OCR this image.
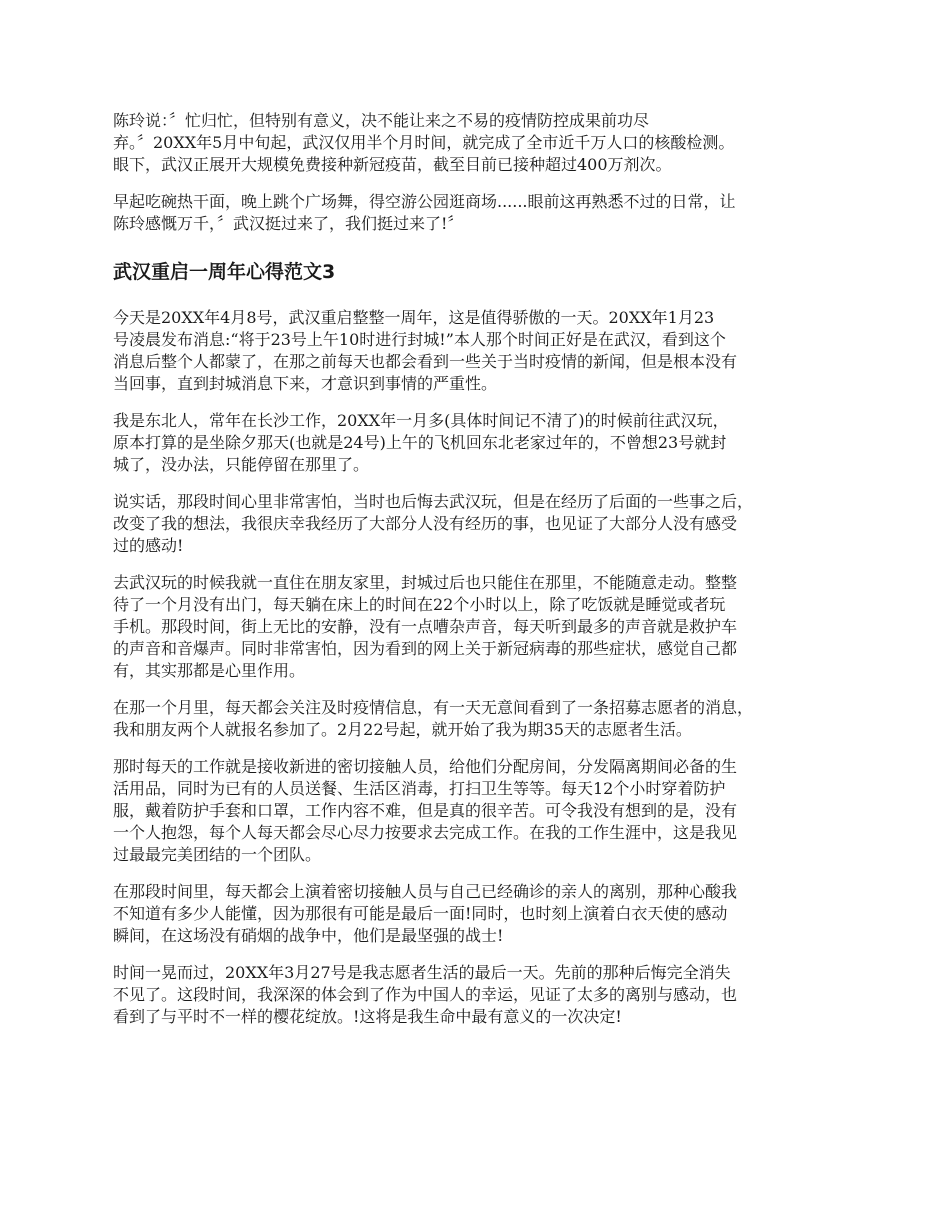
陈玲说：〞忙归忙，但特别有意义，决不能让来之不易的疫情防控成果前功尽
弃。〞20XX年5月中旬起，武汉仅用半个月时间，就完成了全市近千万人口的核酸检测。
眼下，武汉正展开大规模免费接种新冠疫苗，截至目前已接种超过400万剂次。

早起吃碗热干面，晚上跳个广场舞，得空游公园逛商场......眼前这再熟悉不过的日常，让
陈玲感慨万千，〞武汉挺过来了，我们挺过来了!〞

武汉重启一周年心得范文3

今天是20XX年4月8号，武汉重启整整一周年，这是值得骄傲的一天。20XX年1月23
号凌晨发布消息:“将于23号上午10时进行封城!”本人那个时间正好是在武汉，看到这个
消息后整个人都蒙了，在那之前每天也都会看到一些关于当时疫情的新闻，但是根本没有
当回事，直到封城消息下来，才意识到事情的严重性。

我是东北人，常年在长沙工作，20XX年一月多(具体时间记不清了)的时候前往武汉玩，
原本打算的是坐除夕那天(也就是24号)上午的飞机回东北老家过年的，不曾想23号就封
城了，没办法，只能停留在那里了。

说实话，那段时间心里非常害怕，当时也后悔去武汉玩，但是在经历了后面的一些事之后，
改变了我的想法，我很庆幸我经历了大部分人没有经历的事，也见证了大部分人没有感受
过的感动!

去武汉玩的时候我就一直住在朋友家里，封城过后也只能住在那里，不能随意走动。整整
待了一个月没有出门，每天躺在床上的时间在22个小时以上，除了吃饭就是睡觉或者玩
手机。那段时间，街上无比的安静，没有一点嘈杂声音，每天听到最多的声音就是救护车
的声音和音爆声。同时非常害怕，因为看到的网上关于新冠病毒的那些症状，感觉自己都
有，其实那都是心里作用。

在那一个月里，每天都会关注及时疫情信息，有一天无意间看到了一条招募志愿者的消息，
我和朋友两个人就报名参加了。2月22号起，就开始了我为期35天的志愿者生活。

那时每天的工作就是接收新进的密切接触人员，给他们分配房间，分发隔离期间必备的生
活用品，同时为已有的人员送餐、生活区消毒，打扫卫生等等。每天12个小时穿着防护
服，戴着防护手套和口罩，工作内容不难，但是真的很辛苦。可令我没有想到的是，没有
一个人抱怨，每个人每天都会尽心尽力按要求去完成工作。在我的工作生涯中，这是我见
过最最完美团结的一个团队。

在那段时间里，每天都会上演着密切接触人员与自己已经确诊的亲人的离别，那种心酸我
不知道有多少人能懂，因为那很有可能是最后一面!同时，也时刻上演着白衣天使的感动
瞬间，在这场没有硝烟的战争中，他们是最坚强的战士!

时间一晃而过，20XX年3月27号是我志愿者生活的最后一天。先前的那种后悔完全消失
不见了。这段时间，我深深的体会到了作为中国人的幸运，见证了太多的离别与感动，也
看到了与平时不一样的樱花绽放。!这将是我生命中最有意义的一次决定!
